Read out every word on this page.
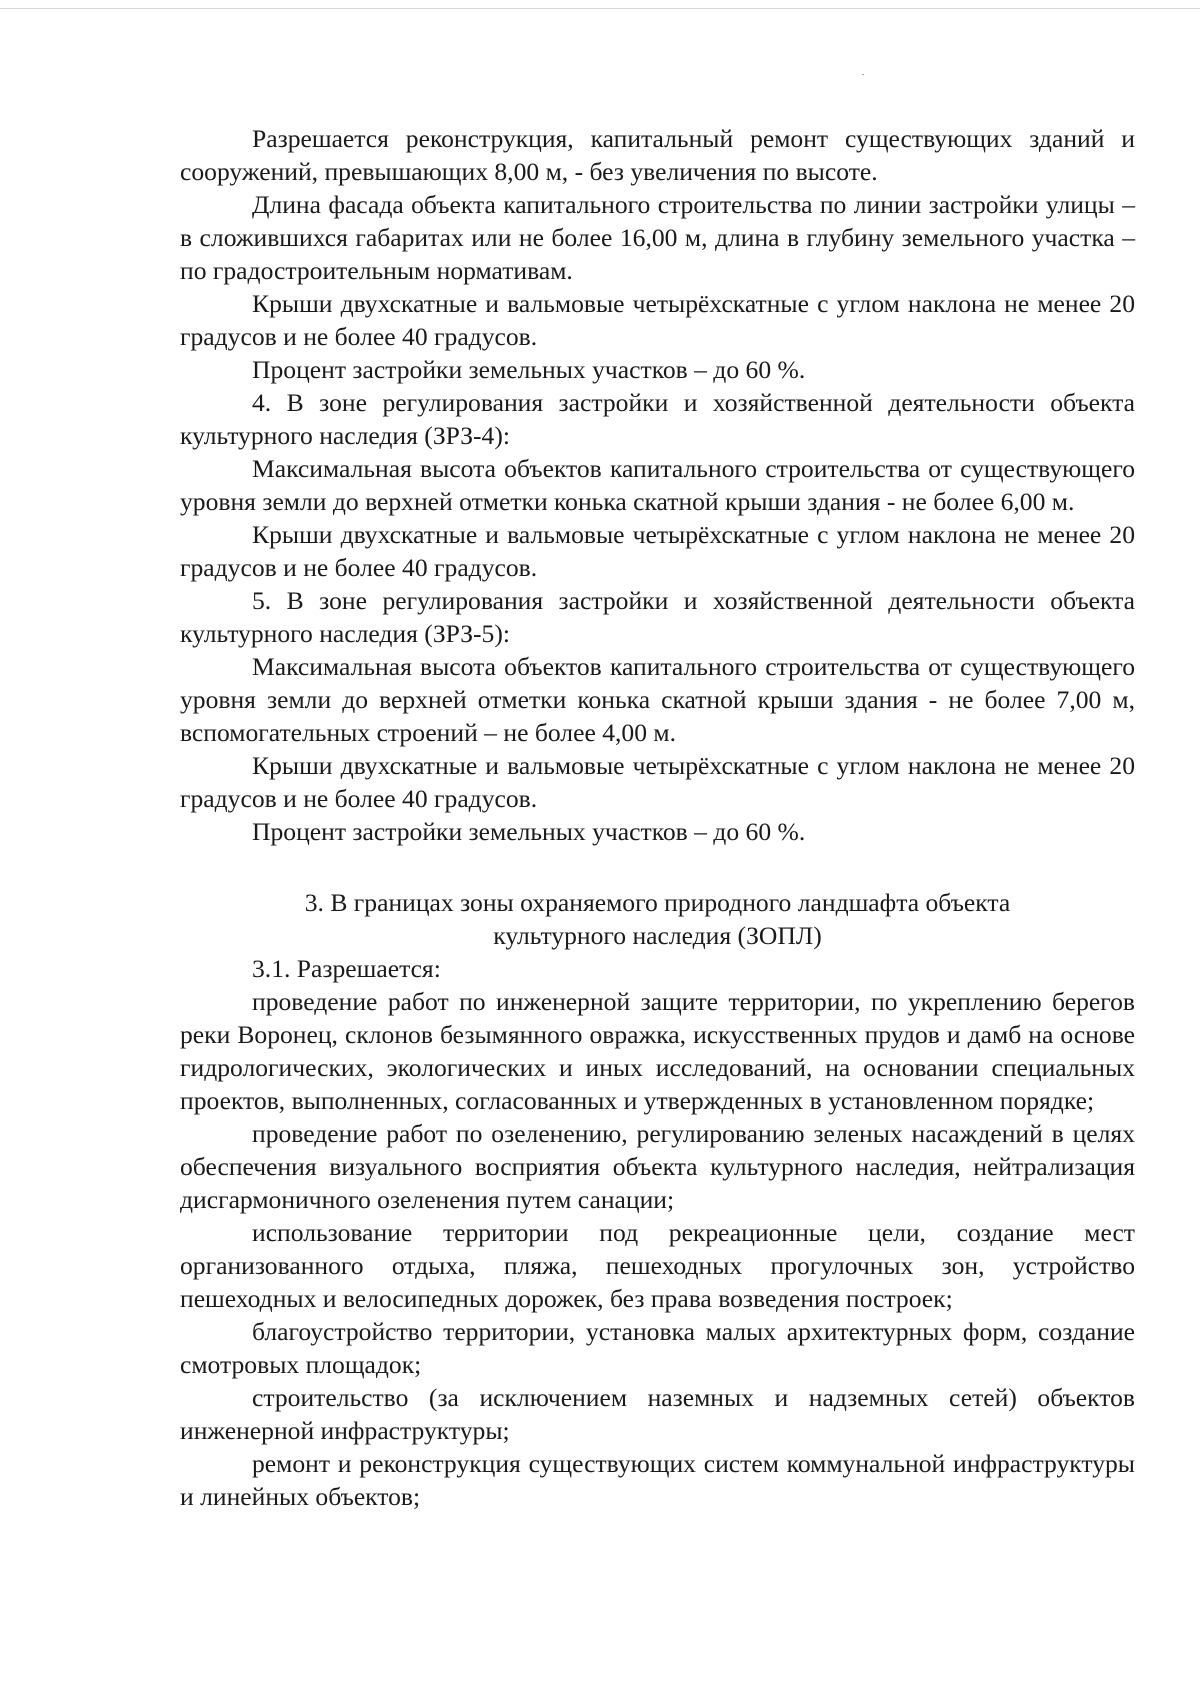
Разрешается реконструкция, капитальный ремонт существующих зданий и сооружений, превышающих 8,00 м, - без увеличения по высоте.

Длина фасада объекта капитального строительства по линии застройки улицы – в сложившихся габаритах или не более 16,00 м, длина в глубину земельного участка – по градостроительным нормативам.

Крыши двухскатные и вальмовые четырёхскатные с углом наклона не менее 20 градусов и не более 40 градусов.

Процент застройки земельных участков – до 60 %.

4. В зоне регулирования застройки и хозяйственной деятельности объекта культурного наследия (ЗРЗ-4):

Максимальная высота объектов капитального строительства от существующего уровня земли до верхней отметки конька скатной крыши здания - не более 6,00 м.

Крыши двухскатные и вальмовые четырёхскатные с углом наклона не менее 20 градусов и не более 40 градусов.

5. В зоне регулирования застройки и хозяйственной деятельности объекта культурного наследия (ЗРЗ-5):

Максимальная высота объектов капитального строительства от существующего уровня земли до верхней отметки конька скатной крыши здания - не более 7,00 м, вспомогательных строений – не более 4,00 м.

Крыши двухскатные и вальмовые четырёхскатные с углом наклона не менее 20 градусов и не более 40 градусов.

Процент застройки земельных участков – до 60 %.

3. В границах зоны охраняемого природного ландшафта объекта

культурного наследия (ЗОПЛ)

3.1. Разрешается:

проведение работ по инженерной защите территории, по укреплению берегов реки Воронец, склонов безымянного овражка, искусственных прудов и дамб на основе гидрологических, экологических и иных исследований, на основании специальных проектов, выполненных, согласованных и утвержденных в установленном порядке;

проведение работ по озеленению, регулированию зеленых насаждений в целях обеспечения визуального восприятия объекта культурного наследия, нейтрализация дисгармоничного озеленения путем санации;

использование территории под рекреационные цели, создание мест организованного отдыха, пляжа, пешеходных прогулочных зон, устройство пешеходных и велосипедных дорожек, без права возведения построек;

благоустройство территории, установка малых архитектурных форм, создание смотровых площадок;

строительство (за исключением наземных и надземных сетей) объектов инженерной инфраструктуры;

ремонт и реконструкция существующих систем коммунальной инфраструктуры и линейных объектов;
